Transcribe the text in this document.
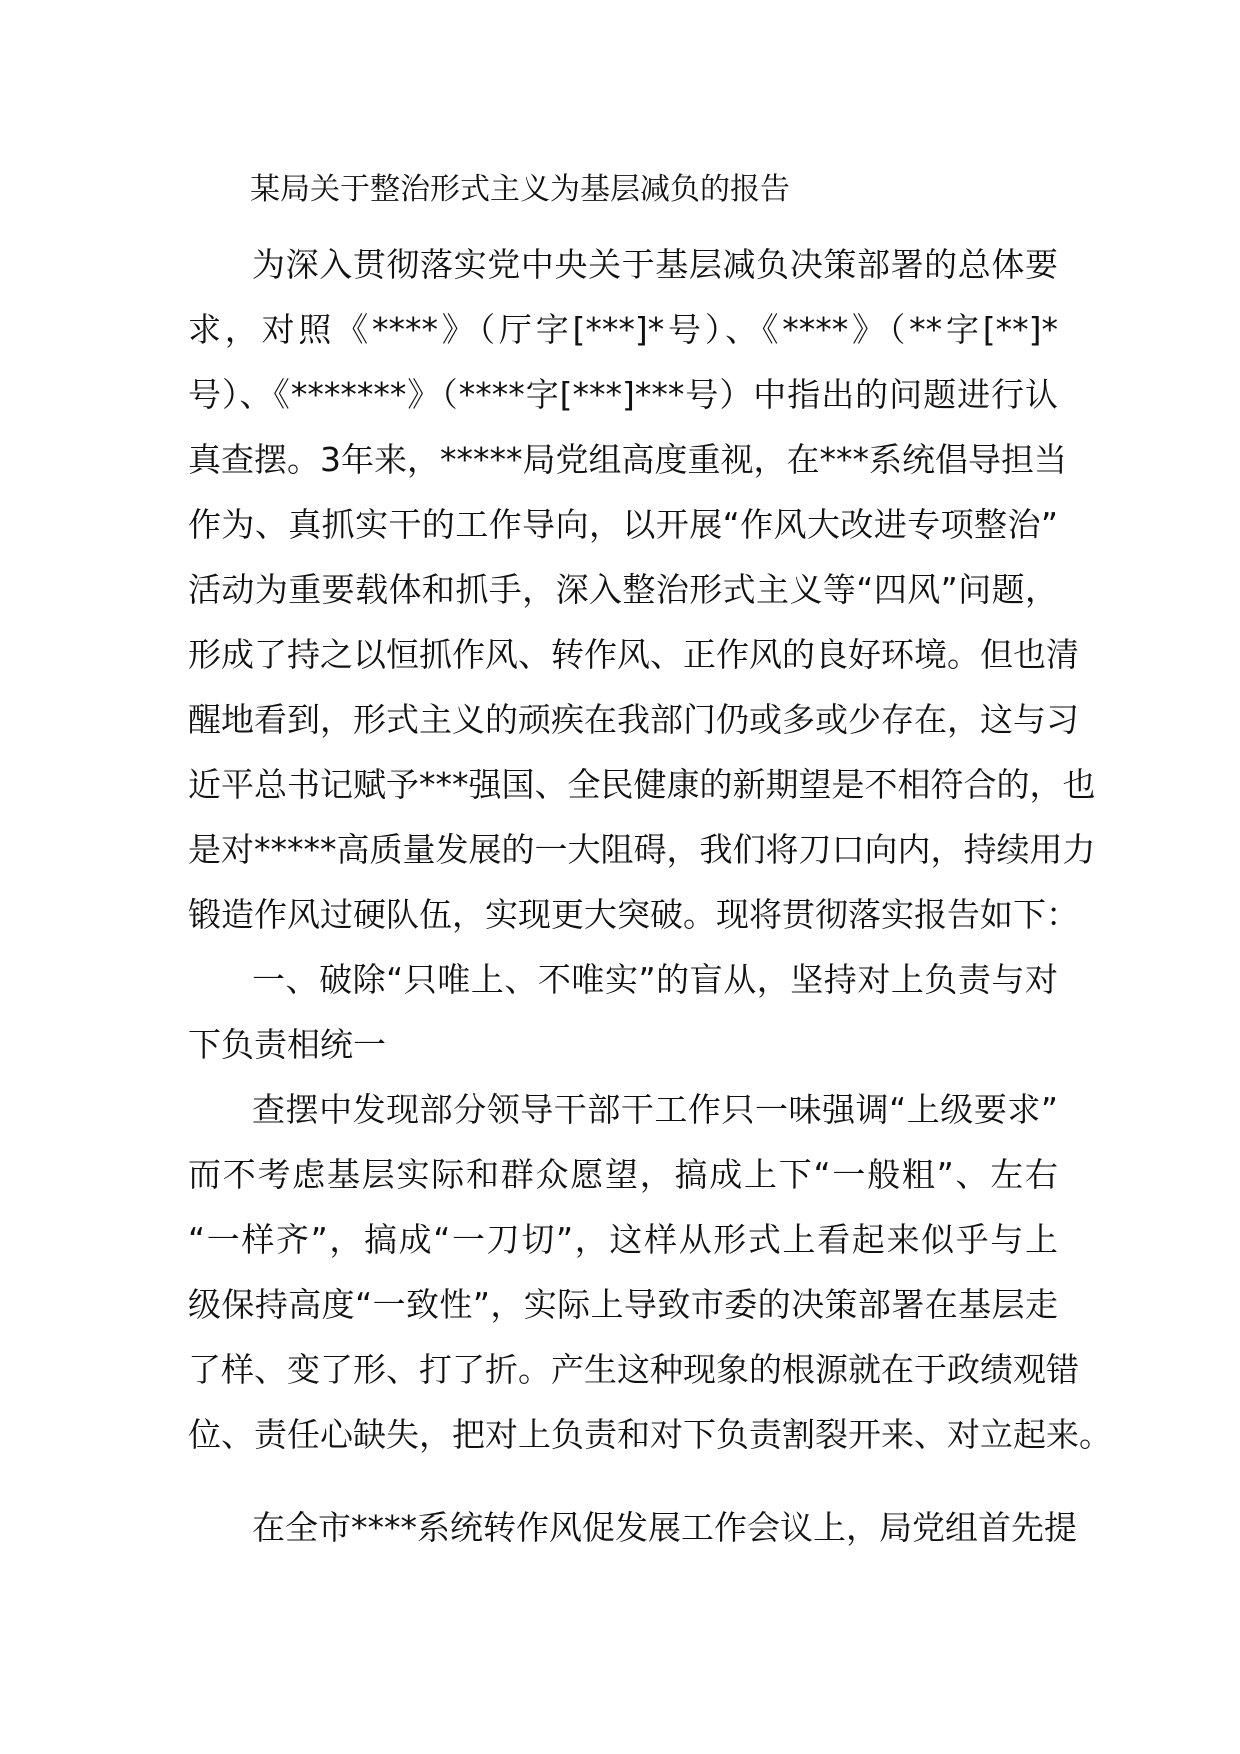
某局关于整治形式主义为基层减负的报告
为深入贯彻落实党中央关于基层减负决策部署的总体要
求，对照《****》（厅字[***]*号）、《****》（**字[**]*
号）、《*******》（****字[***]***号）中指出的问题进行认
真查摆。3年来，*****局党组高度重视，在***系统倡导担当
作为、真抓实干的工作导向，以开展“作风大改进专项整治”
活动为重要载体和抓手，深入整治形式主义等“四风”问题，
形成了持之以恒抓作风、转作风、正作风的良好环境。但也清
醒地看到，形式主义的顽疾在我部门仍或多或少存在，这与习
近平总书记赋予***强国、全民健康的新期望是不相符合的，也
是对*****高质量发展的一大阻碍，我们将刀口向内，持续用力
锻造作风过硬队伍，实现更大突破。现将贯彻落实报告如下：
一、破除“只唯上、不唯实”的盲从，坚持对上负责与对
下负责相统一
查摆中发现部分领导干部干工作只一味强调“上级要求”
而不考虑基层实际和群众愿望，搞成上下“一般粗”、左右
“一样齐”，搞成“一刀切”，这样从形式上看起来似乎与上
级保持高度“一致性”，实际上导致市委的决策部署在基层走
了样、变了形、打了折。产生这种现象的根源就在于政绩观错
位、责任心缺失，把对上负责和对下负责割裂开来、对立起来。
在全市****系统转作风促发展工作会议上，局党组首先提
